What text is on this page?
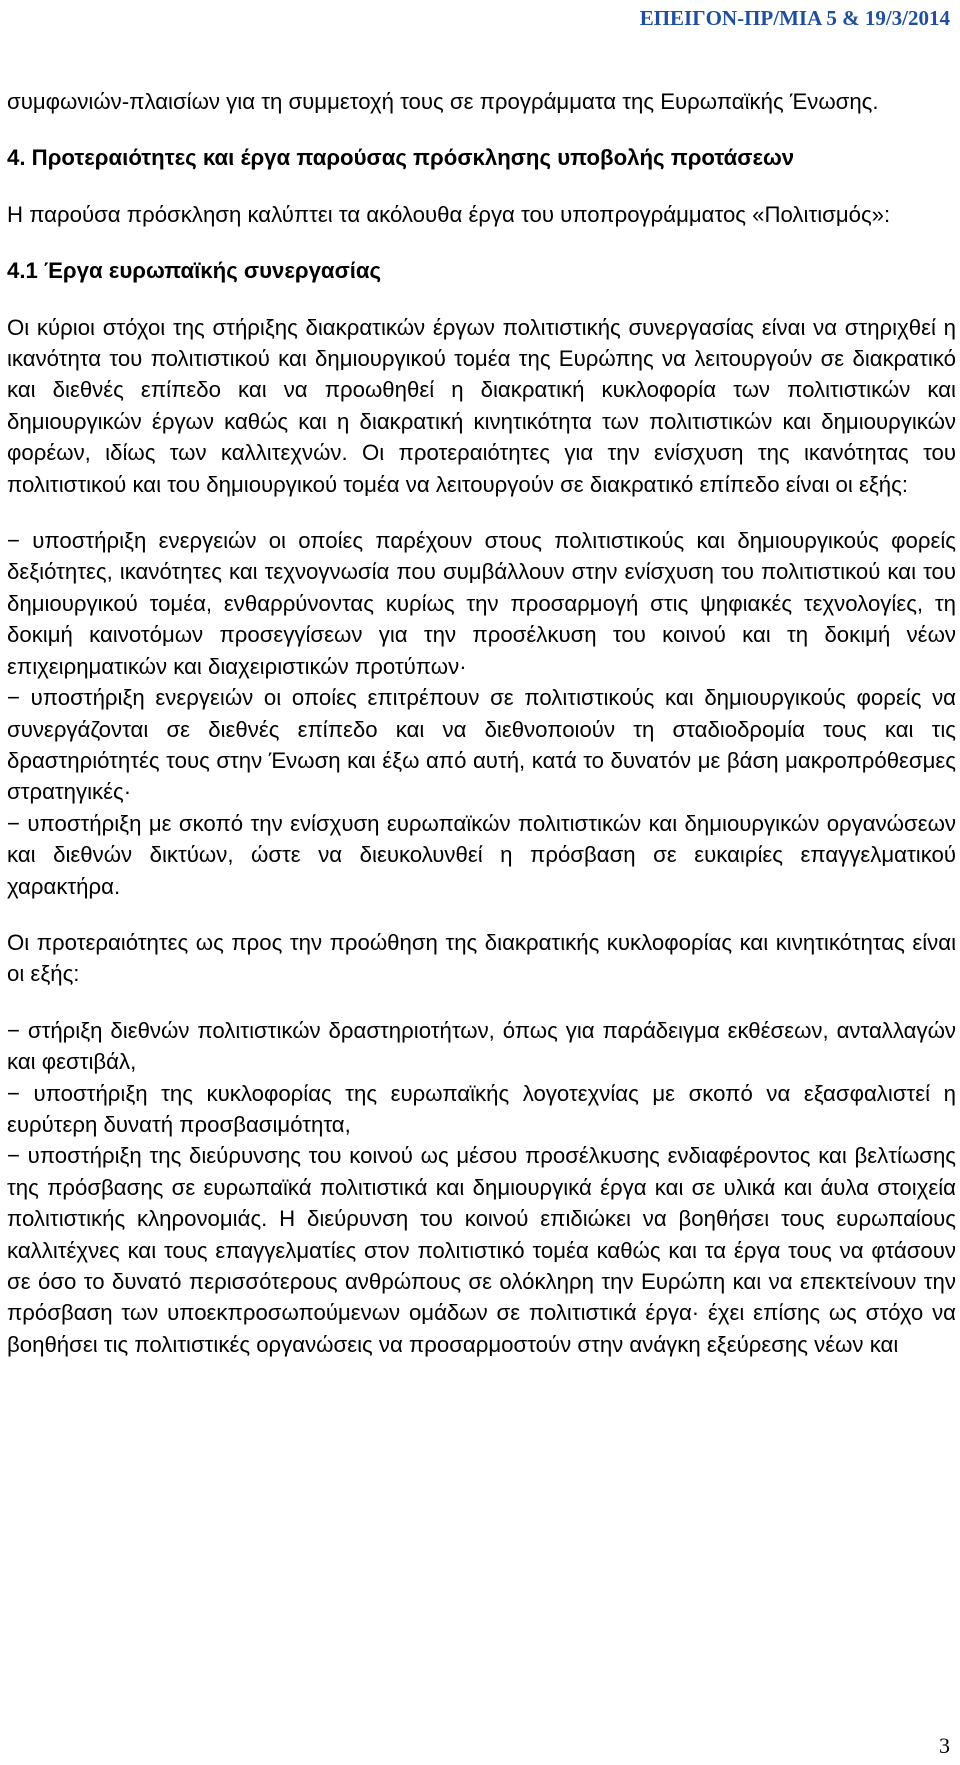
ΕΠΕΙΓΟΝ-ΠΡ/ΜΙΑ 5 & 19/3/2014

συμφωνιών-πλαισίων για τη συμμετοχή τους σε προγράμματα της Ευρωπαϊκής Ένωσης.

4. Προτεραιότητες και έργα παρούσας πρόσκλησης υποβολής προτάσεων

Η παρούσα πρόσκληση καλύπτει τα ακόλουθα έργα του υποπρογράμματος «Πολιτισμός»:

4.1 Έργα ευρωπαϊκής συνεργασίας

Οι κύριοι στόχοι της στήριξης διακρατικών έργων πολιτιστικής συνεργασίας είναι να στηριχθεί η ικανότητα του πολιτιστικού και δημιουργικού τομέα της Ευρώπης να λειτουργούν σε διακρατικό και διεθνές επίπεδο και να προωθηθεί η διακρατική κυκλοφορία των πολιτιστικών και δημιουργικών έργων καθώς και η διακρατική κινητικότητα των πολιτιστικών και δημιουργικών φορέων, ιδίως των καλλιτεχνών. Οι προτεραιότητες για την ενίσχυση της ικανότητας του πολιτιστικού και του δημιουργικού τομέα να λειτουργούν σε διακρατικό επίπεδο είναι οι εξής:

− υποστήριξη ενεργειών οι οποίες παρέχουν στους πολιτιστικούς και δημιουργικούς φορείς δεξιότητες, ικανότητες και τεχνογνωσία που συμβάλλουν στην ενίσχυση του πολιτιστικού και του δημιουργικού τομέα, ενθαρρύνοντας κυρίως την προσαρμογή στις ψηφιακές τεχνολογίες, τη δοκιμή καινοτόμων προσεγγίσεων για την προσέλκυση του κοινού και τη δοκιμή νέων επιχειρηματικών και διαχειριστικών προτύπων·

− υποστήριξη ενεργειών οι οποίες επιτρέπουν σε πολιτιστικούς και δημιουργικούς φορείς να συνεργάζονται σε διεθνές επίπεδο και να διεθνοποιούν τη σταδιοδρομία τους και τις δραστηριότητές τους στην Ένωση και έξω από αυτή, κατά το δυνατόν με βάση μακροπρόθεσμες στρατηγικές·

− υποστήριξη με σκοπό την ενίσχυση ευρωπαϊκών πολιτιστικών και δημιουργικών οργανώσεων και διεθνών δικτύων, ώστε να διευκολυνθεί η πρόσβαση σε ευκαιρίες επαγγελματικού χαρακτήρα.

Οι προτεραιότητες ως προς την προώθηση της διακρατικής κυκλοφορίας και κινητικότητας είναι οι εξής:

− στήριξη διεθνών πολιτιστικών δραστηριοτήτων, όπως για παράδειγμα εκθέσεων, ανταλλαγών και φεστιβάλ,

− υποστήριξη της κυκλοφορίας της ευρωπαϊκής λογοτεχνίας με σκοπό να εξασφαλιστεί η ευρύτερη δυνατή προσβασιμότητα,

− υποστήριξη της διεύρυνσης του κοινού ως μέσου προσέλκυσης ενδιαφέροντος και βελτίωσης της πρόσβασης σε ευρωπαϊκά πολιτιστικά και δημιουργικά έργα και σε υλικά και άυλα στοιχεία πολιτιστικής κληρονομιάς. Η διεύρυνση του κοινού επιδιώκει να βοηθήσει τους ευρωπαίους καλλιτέχνες και τους επαγγελματίες στον πολιτιστικό τομέα καθώς και τα έργα τους να φτάσουν σε όσο το δυνατό περισσότερους ανθρώπους σε ολόκληρη την Ευρώπη και να επεκτείνουν την πρόσβαση των υποεκπροσωπούμενων ομάδων σε πολιτιστικά έργα· έχει επίσης ως στόχο να βοηθήσει τις πολιτιστικές οργανώσεις να προσαρμοστούν στην ανάγκη εξεύρεσης νέων και

3
